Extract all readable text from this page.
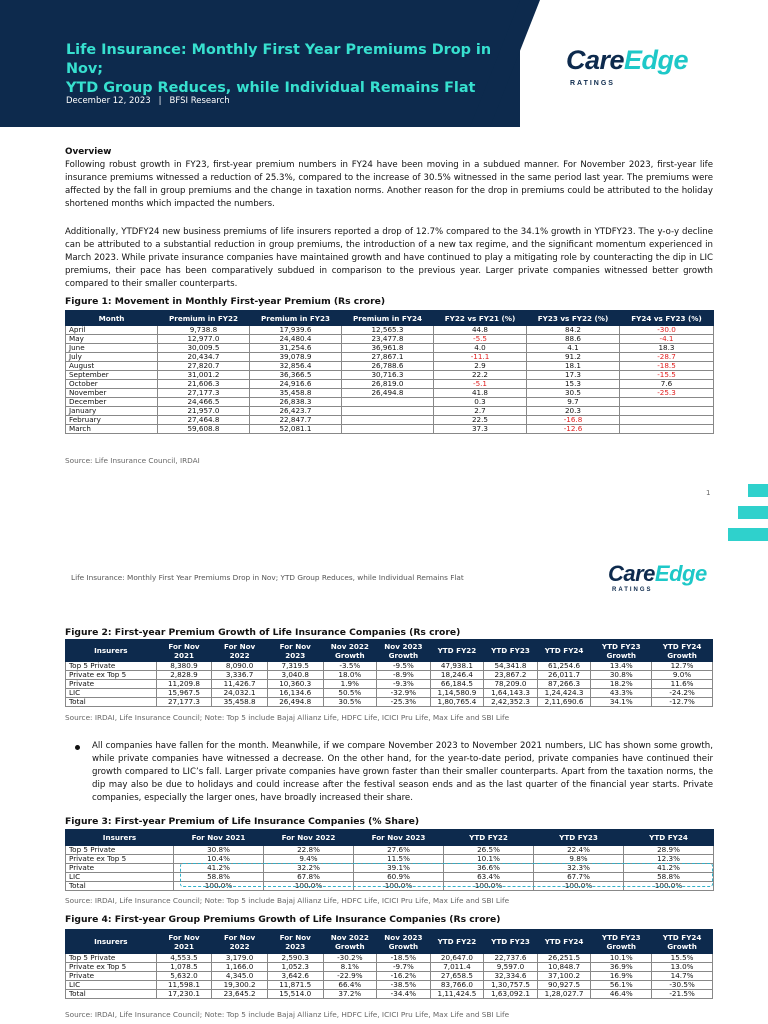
Life Insurance: Monthly First Year Premiums Drop in Nov;
YTD Group Reduces, while Individual Remains Flat
December 12, 2023 | BFSI Research
CareEdge
RATINGS
Overview
Following robust growth in FY23, first-year premium numbers in FY24 have been moving in a subdued manner. For November 2023, first-year life insurance premiums witnessed a reduction of 25.3%, compared to the increase of 30.5% witnessed in the same period last year. The premiums were affected by the fall in group premiums and the change in taxation norms. Another reason for the drop in premiums could be attributed to the holiday shortened months which impacted the numbers.
Additionally, YTDFY24 new business premiums of life insurers reported a drop of 12.7% compared to the 34.1% growth in YTDFY23. The y-o-y decline can be attributed to a substantial reduction in group premiums, the introduction of a new tax regime, and the significant momentum experienced in March 2023. While private insurance companies have maintained growth and have continued to play a mitigating role by counteracting the dip in LIC premiums, their pace has been comparatively subdued in comparison to the previous year. Larger private companies witnessed better growth compared to their smaller counterparts.
Figure 1: Movement in Monthly First-year Premium (Rs crore)
Month	Premium in FY22	Premium in FY23	Premium in FY24	FY22 vs FY21 (%)	FY23 vs FY22 (%)	FY24 vs FY23 (%)
April	9,738.8	17,939.6	12,565.3	44.8	84.2	-30.0
May	12,977.0	24,480.4	23,477.8	-5.5	88.6	-4.1
June	30,009.5	31,254.6	36,961.8	4.0	4.1	18.3
July	20,434.7	39,078.9	27,867.1	-11.1	91.2	-28.7
August	27,820.7	32,856.4	26,788.6	2.9	18.1	-18.5
September	31,001.2	36,366.5	30,716.3	22.2	17.3	-15.5
October	21,606.3	24,916.6	26,819.0	-5.1	15.3	7.6
November	27,177.3	35,458.8	26,494.8	41.8	30.5	-25.3
December	24,466.5	26,838.3		0.3	9.7	
January	21,957.0	26,423.7		2.7	20.3	
February	27,464.8	22,847.7		22.5	-16.8	
March	59,608.8	52,081.1		37.3	-12.6	
Source: Life Insurance Council, IRDAI
1
Life Insurance: Monthly First Year Premiums Drop in Nov; YTD Group Reduces, while Individual Remains Flat	CareEdge
RATINGS
Figure 2: First-year Premium Growth of Life Insurance Companies (Rs crore)
Insurers	For Nov 2021	For Nov 2022	For Nov 2023	Nov 2022 Growth	Nov 2023 Growth	YTD FY22	YTD FY23	YTD FY24	YTD FY23 Growth	YTD FY24 Growth
Top 5 Private	8,380.9	8,090.0	7,319.5	-3.5%	-9.5%	47,938.1	54,341.8	61,254.6	13.4%	12.7%
Private ex Top 5	2,828.9	3,336.7	3,040.8	18.0%	-8.9%	18,246.4	23,867.2	26,011.7	30.8%	9.0%
Private	11,209.8	11,426.7	10,360.3	1.9%	-9.3%	66,184.5	78,209.0	87,266.3	18.2%	11.6%
LIC	15,967.5	24,032.1	16,134.6	50.5%	-32.9%	1,14,580.9	1,64,143.3	1,24,424.3	43.3%	-24.2%
Total	27,177.3	35,458.8	26,494.8	30.5%	-25.3%	1,80,765.4	2,42,352.3	2,11,690.6	34.1%	-12.7%
Source: IRDAI, Life Insurance Council; Note: Top 5 include Bajaj Allianz Life, HDFC Life, ICICI Pru Life, Max Life and SBI Life
All companies have fallen for the month. Meanwhile, if we compare November 2023 to November 2021 numbers, LIC has shown some growth, while private companies have witnessed a decrease. On the other hand, for the year-to-date period, private companies have continued their growth compared to LIC’s fall. Larger private companies have grown faster than their smaller counterparts. Apart from the taxation norms, the dip may also be due to holidays and could increase after the festival season ends and as the last quarter of the financial year starts. Private companies, especially the larger ones, have broadly increased their share.
Figure 3: First-year Premium of Life Insurance Companies (% Share)
Insurers	For Nov 2021	For Nov 2022	For Nov 2023	YTD FY22	YTD FY23	YTD FY24
Top 5 Private	30.8%	22.8%	27.6%	26.5%	22.4%	28.9%
Private ex Top 5	10.4%	9.4%	11.5%	10.1%	9.8%	12.3%
Private	41.2%	32.2%	39.1%	36.6%	32.3%	41.2%
LIC	58.8%	67.8%	60.9%	63.4%	67.7%	58.8%
Total	100.0%	100.0%	100.0%	100.0%	100.0%	100.0%
Source: IRDAI, Life Insurance Council; Note: Top 5 include Bajaj Allianz Life, HDFC Life, ICICI Pru Life, Max Life and SBI Life
Figure 4: First-year Group Premiums Growth of Life Insurance Companies (Rs crore)
Insurers	For Nov 2021	For Nov 2022	For Nov 2023	Nov 2022 Growth	Nov 2023 Growth	YTD FY22	YTD FY23	YTD FY24	YTD FY23 Growth	YTD FY24 Growth
Top 5 Private	4,553.5	3,179.0	2,590.3	-30.2%	-18.5%	20,647.0	22,737.6	26,251.5	10.1%	15.5%
Private ex Top 5	1,078.5	1,166.0	1,052.3	8.1%	-9.7%	7,011.4	9,597.0	10,848.7	36.9%	13.0%
Private	5,632.0	4,345.0	3,642.6	-22.9%	-16.2%	27,658.5	32,334.6	37,100.2	16.9%	14.7%
LIC	11,598.1	19,300.2	11,871.5	66.4%	-38.5%	83,766.0	1,30,757.5	90,927.5	56.1%	-30.5%
Total	17,230.1	23,645.2	15,514.0	37.2%	-34.4%	1,11,424.5	1,63,092.1	1,28,027.7	46.4%	-21.5%
Source: IRDAI, Life Insurance Council; Note: Top 5 include Bajaj Allianz Life, HDFC Life, ICICI Pru Life, Max Life and SBI Life
